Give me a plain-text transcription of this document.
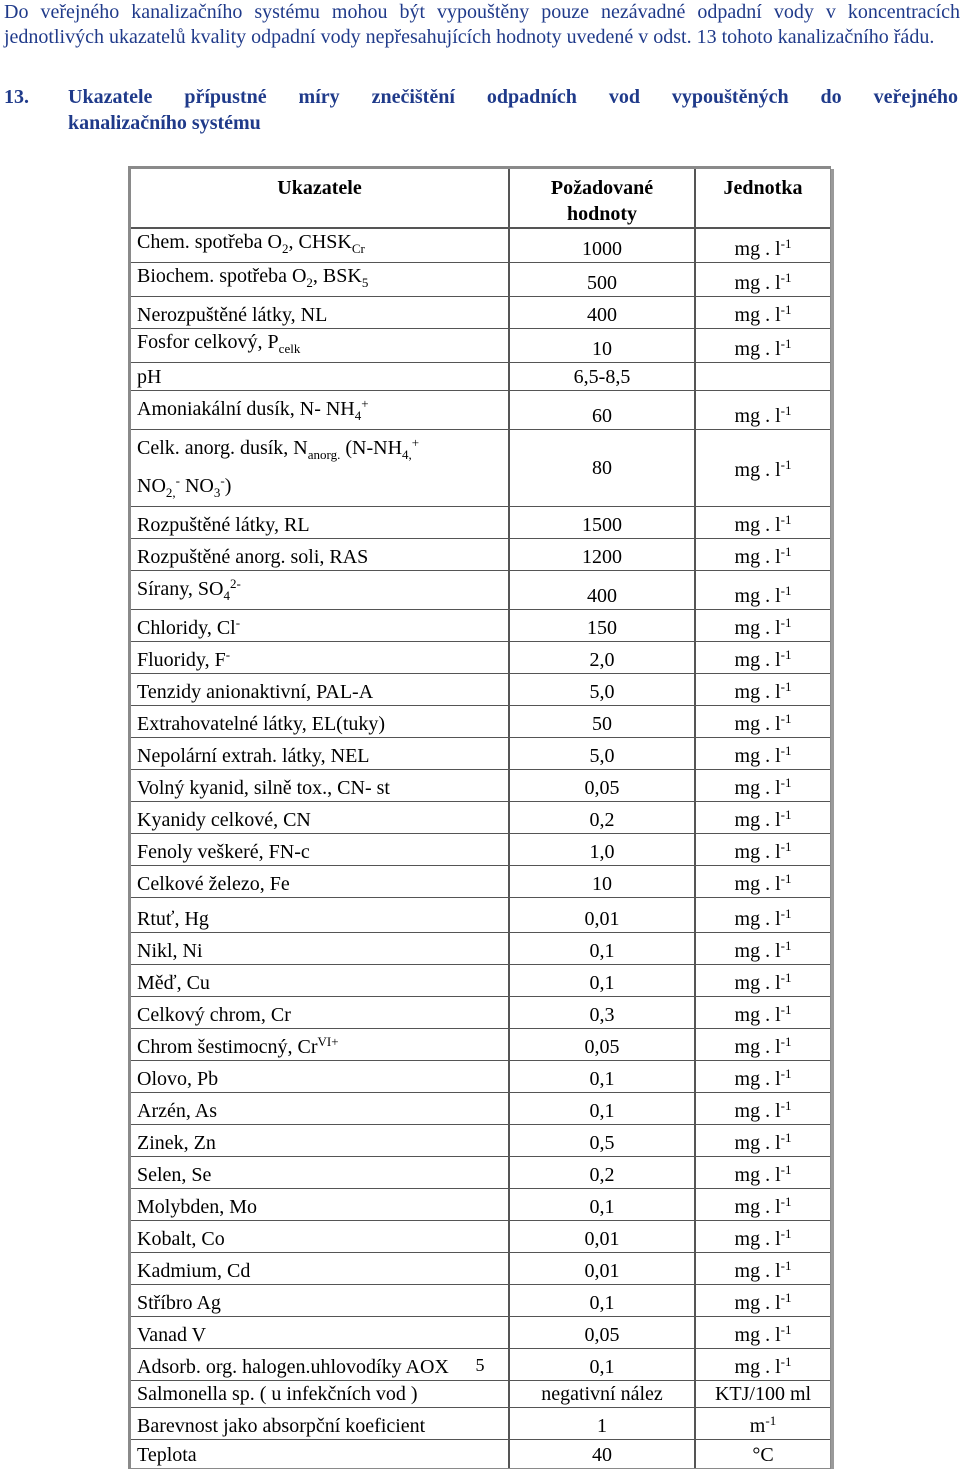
Do veřejného kanalizačního systému mohou být vypouštěny pouze nezávadné odpadní vody v koncentracích jednotlivých ukazatelů kvality odpadní vody nepřesahujících hodnoty uvedené v odst. 13 tohoto kanalizačního řádu.

13. Ukazatele přípustné míry znečištění odpadních vod vypouštěných do veřejného
kanalizačního systému
Ukazatele	Požadované hodnoty	Jednotka
Chem. spotřeba $O_2$, $CHSK_{Cr}$	1000	mg . $l^{-1}$
Biochem. spotřeba $O_2$, $BSK_5$	500	mg . $l^{-1}$
Nerozpuštěné látky, NL	400	mg . $l^{-1}$
Fosfor celkový, $P_{celk}$	10	mg . $l^{-1}$
pH	6,5-8,5	
Amoniakální dusík, N- $NH_4^+$	60	mg . $l^{-1}$
Celk. anorg. dusík, $N_{anorg.}$ ($N-NH_{4,}^+$
$NO_{2,}^-$ $NO_3^-$)	80	mg . $l^{-1}$
Rozpuštěné látky, RL	1500	mg . $l^{-1}$
Rozpuštěné anorg. soli, RAS	1200	mg . $l^{-1}$
Sírany, $SO_4^{2-}$	400	mg . $l^{-1}$
Chloridy, Cl-	150	mg . $l^{-1}$
Fluoridy, F-	2,0	mg . $l^{-1}$
Tenzidy anionaktivní, PAL-A	5,0	mg . $l^{-1}$
Extrahovatelné látky, EL(tuky)	50	mg . $l^{-1}$
Nepolární extrah. látky, NEL	5,0	mg . $l^{-1}$
Volný kyanid, silně tox., CN- st	0,05	mg . $l^{-1}$
Kyanidy celkové, CN	0,2	mg . $l^{-1}$
Fenoly veškeré, FN-c	1,0	mg . $l^{-1}$
Celkové železo, Fe	10	mg . $l^{-1}$
Rtuť, Hg	0,01	mg . $l^{-1}$
Nikl, Ni	0,1	mg . $l^{-1}$
Měď, Cu	0,1	mg . $l^{-1}$
Celkový chrom, Cr	0,3	mg . $l^{-1}$
Chrom šestimocný, $Cr^{VI+}$	0,05	mg . $l^{-1}$
Olovo, Pb	0,1	mg . $l^{-1}$
Arzén, As	0,1	mg . $l^{-1}$
Zinek, Zn	0,5	mg . $l^{-1}$
Selen, Se	0,2	mg . $l^{-1}$
Molybden, Mo	0,1	mg . $l^{-1}$
Kobalt, Co	0,01	mg . $l^{-1}$
Kadmium, Cd	0,01	mg . $l^{-1}$
Stříbro Ag	0,1	mg . $l^{-1}$
Vanad V	0,05	mg . $l^{-1}$
Adsorb. org. halogen.uhlovodíky AOX	0,1	mg . $l^{-1}$
Salmonella sp. ( u infekčních vod )	negativní nález	KTJ/100 ml
Barevnost jako absorpční koeficient	1	$m^{-1}$
Teplota	40	°C
5
